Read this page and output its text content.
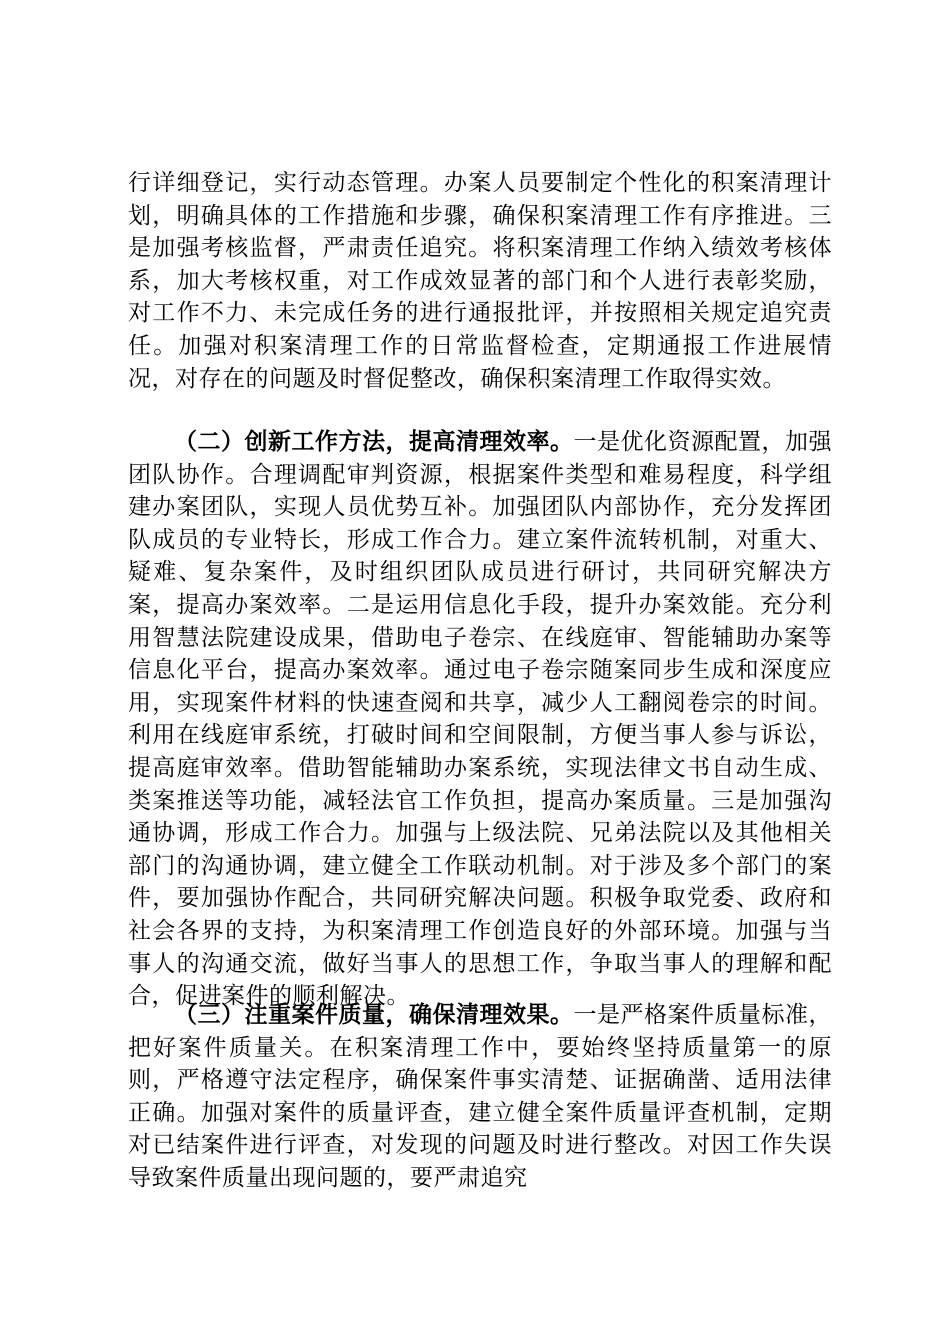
行详细登记，实行动态管理。办案人员要制定个性化的积案清理计划，明确具体的工作措施和步骤，确保积案清理工作有序推进。三是加强考核监督，严肃责任追究。将积案清理工作纳入绩效考核体系，加大考核权重，对工作成效显著的部门和个人进行表彰奖励，对工作不力、未完成任务的进行通报批评，并按照相关规定追究责任。加强对积案清理工作的日常监督检查，定期通报工作进展情况，对存在的问题及时督促整改，确保积案清理工作取得实效。

（二）创新工作方法，提高清理效率。一是优化资源配置，加强团队协作。合理调配审判资源，根据案件类型和难易程度，科学组建办案团队，实现人员优势互补。加强团队内部协作，充分发挥团队成员的专业特长，形成工作合力。建立案件流转机制，对重大、疑难、复杂案件，及时组织团队成员进行研讨，共同研究解决方案，提高办案效率。二是运用信息化手段，提升办案效能。充分利用智慧法院建设成果，借助电子卷宗、在线庭审、智能辅助办案等信息化平台，提高办案效率。通过电子卷宗随案同步生成和深度应用，实现案件材料的快速查阅和共享，减少人工翻阅卷宗的时间。利用在线庭审系统，打破时间和空间限制，方便当事人参与诉讼，提高庭审效率。借助智能辅助办案系统，实现法律文书自动生成、类案推送等功能，减轻法官工作负担，提高办案质量。三是加强沟通协调，形成工作合力。加强与上级法院、兄弟法院以及其他相关部门的沟通协调，建立健全工作联动机制。对于涉及多个部门的案件，要加强协作配合，共同研究解决问题。积极争取党委、政府和社会各界的支持，为积案清理工作创造良好的外部环境。加强与当事人的沟通交流，做好当事人的思想工作，争取当事人的理解和配合，促进案件的顺利解决。

（三）注重案件质量，确保清理效果。一是严格案件质量标准，把好案件质量关。在积案清理工作中，要始终坚持质量第一的原则，严格遵守法定程序，确保案件事实清楚、证据确凿、适用法律正确。加强对案件的质量评查，建立健全案件质量评查机制，定期对已结案件进行评查，对发现的问题及时进行整改。对因工作失误导致案件质量出现问题的，要严肃追究
